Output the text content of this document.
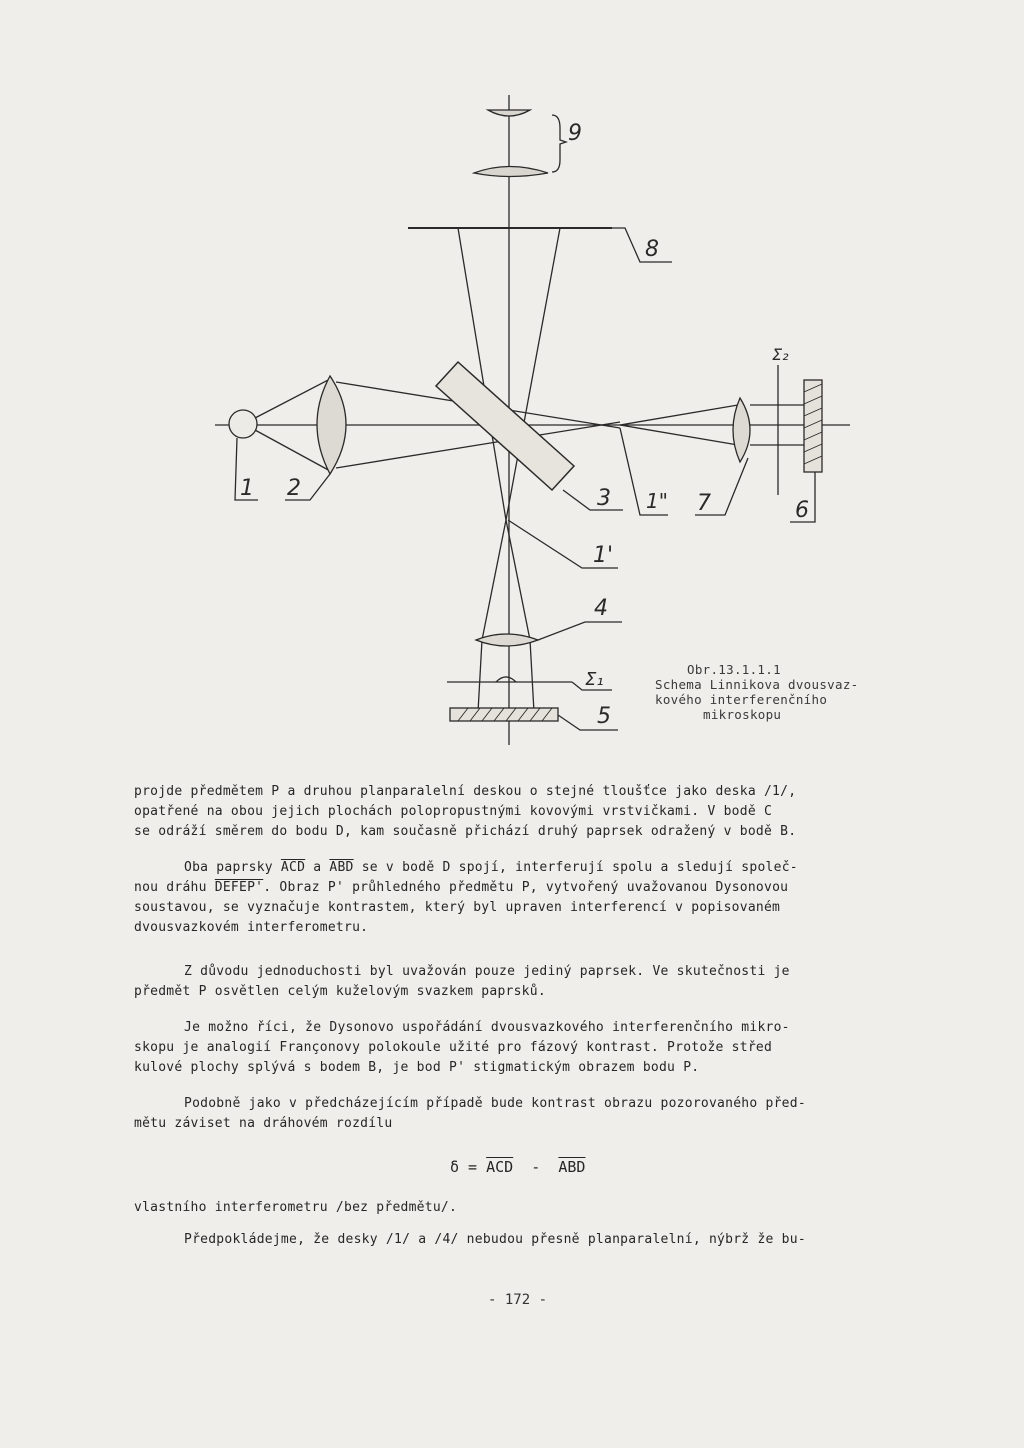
1 2	3 1" 7	6
1'
4
5
8
9
Σ₁
Σ₂
Obr.13.1.1.1
Schema Linnikova dvousvaz-
kového interferenčního
mikroskopu

projde předmětem P a druhou planparalelní deskou o stejné tloušťce jako deska /1/,

opatřené na obou jejich plochách polopropustnými kovovými vrstvičkami. V bodě C

se odráží směrem do bodu D, kam současně přichází druhý paprsek odražený v bodě B.

Oba paprsky $\overline{ACD}$ a $\overline{ABD}$ se v bodě D spojí, interferují spolu a sledují společ-

nou dráhu DEFEP'. Obraz P' průhledného předmětu P, vytvořený uvažovanou Dysonovou

soustavou, se vyznačuje kontrastem, který byl upraven interferencí v popisovaném

dvousvazkovém interferometru.

Z důvodu jednoduchosti byl uvažován pouze jediný paprsek. Ve skutečnosti je

předmět P osvětlen celým kuželovým svazkem paprsků.

Je možno říci, že Dysonovo uspořádání dvousvazkového interferenčního mikro-

skopu je analogií Françonovy polokoule užité pro fázový kontrast. Protože střed

kulové plochy splývá s bodem B, je bod P' stigmatickým obrazem bodu P.

Podobně jako v předcházejícím případě bude kontrast obrazu pozorovaného před-

mětu záviset na dráhovém rozdílu

$\delta = \overline{ACD} - \overline{ABD}$

vlastního interferometru /bez předmětu/.

Předpokládejme, že desky /1/ a /4/ nebudou přesně planparalelní, nýbrž že bu-

- 172 -
